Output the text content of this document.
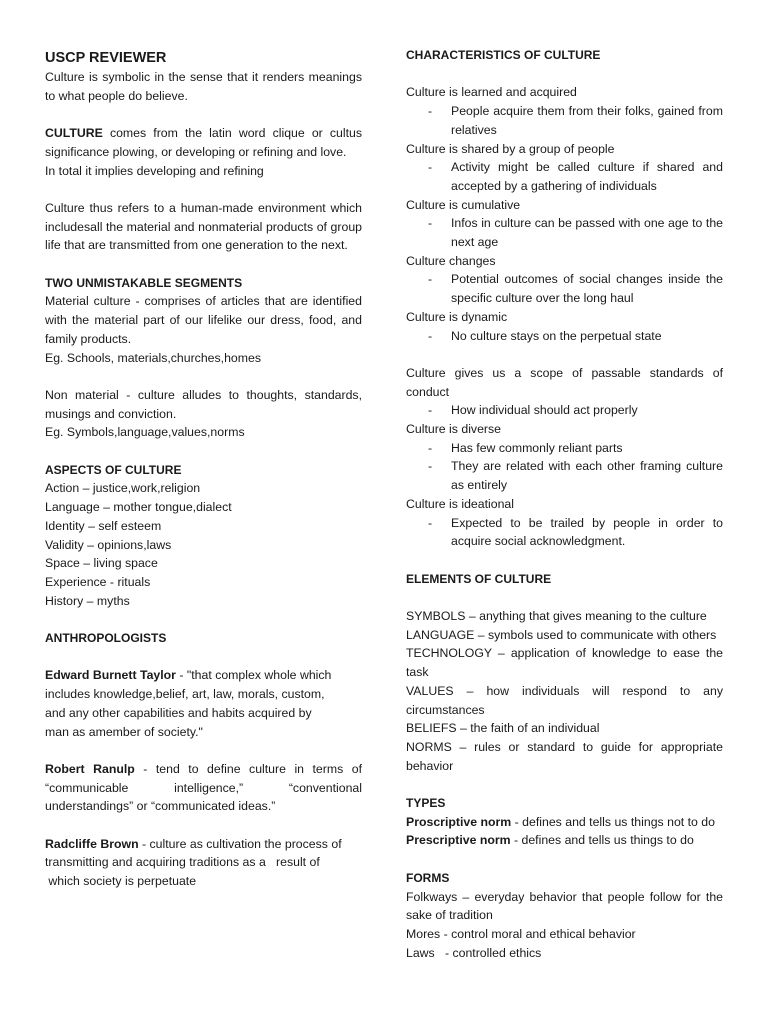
USCP REVIEWER

Culture is symbolic in the sense that it renders meanings to what people do believe.

CULTURE comes from the latin word clique or cultus significance plowing, or developing or refining and love.

In total it implies developing and refining

Culture thus refers to a human-made environment which includesall the material and nonmaterial products of group life that are transmitted from one generation to the next.

TWO UNMISTAKABLE SEGMENTS

Material culture - comprises of articles that are identified with the material part of our lifelike our dress, food, and family products.

Eg. Schools, materials,churches,homes

Non material - culture alludes to thoughts, standards, musings and conviction.

Eg. Symbols,language,values,norms

ASPECTS OF CULTURE

Action – justice,work,religion

Language – mother tongue,dialect

Identity – self esteem

Validity – opinions,laws

Space – living space

Experience - rituals

History – myths

ANTHROPOLOGISTS

Edward Burnett Taylor - "that complex whole which

includes knowledge,belief, art, law, morals, custom,

and any other capabilities and habits acquired by

man as amember of society."

Robert Ranulp - tend to define culture in terms of “communicable intelligence,” “conventional understandings” or “communicated ideas.”

Radcliffe Brown - culture as cultivation the process of

transmitting and acquiring traditions as a   result of

which society is perpetuate

CHARACTERISTICS OF CULTURE

Culture is learned and acquired

- People acquire them from their folks, gained from relatives

Culture is shared by a group of people

- Activity might be called culture if shared and accepted by a gathering of individuals

Culture is cumulative

- Infos in culture can be passed with one age to the next age

Culture changes

- Potential outcomes of social changes inside the specific culture over the long haul

Culture is dynamic

- No culture stays on the perpetual state

Culture gives us a scope of passable standards of conduct

- How individual should act properly

Culture is diverse

- Has few commonly reliant parts

- They are related with each other framing culture as entirely

Culture is ideational

- Expected to be trailed by people in order to acquire social acknowledgment.

ELEMENTS OF CULTURE

SYMBOLS – anything that gives meaning to the culture

LANGUAGE – symbols used to communicate with others

TECHNOLOGY – application of knowledge to ease the task

VALUES – how individuals will respond to any circumstances

BELIEFS – the faith of an individual

NORMS – rules or standard to guide for appropriate behavior

TYPES

Proscriptive norm - defines and tells us things not to do

Prescriptive norm - defines and tells us things to do

FORMS

Folkways – everyday behavior that people follow for the sake of tradition

Mores - control moral and ethical behavior

Laws   - controlled ethics
